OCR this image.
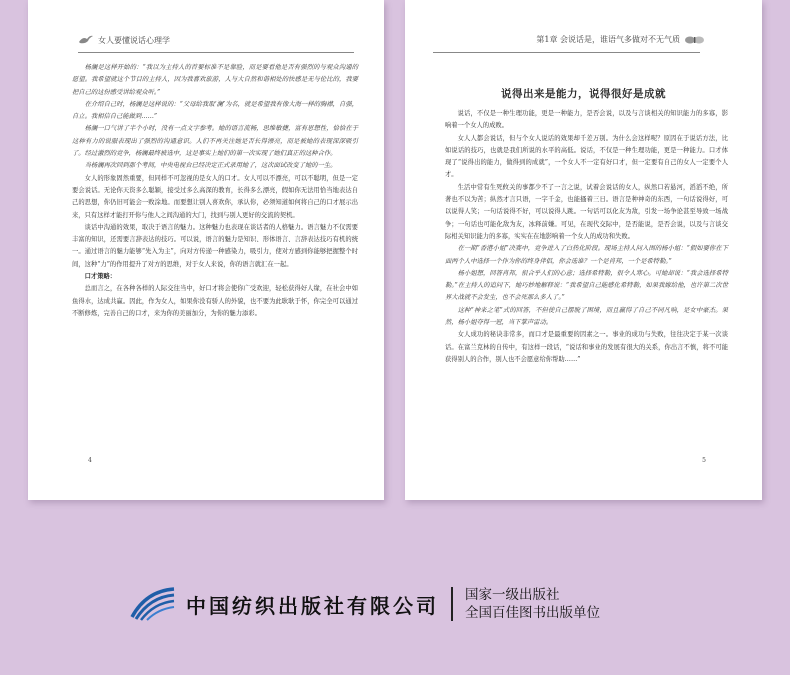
女人要懂说话心理学

杨澜是这样开始的：“我以为主持人的首要标准不是靠脸，而是要看他是否有强烈的与观众沟通的愿望。我希望就这个节目的主持人，因为我喜欢旅游，人与大自然和谐相处的快感是无与伦比的，我要把自己的这份感受讲给观众听。”

在介绍自己时，杨澜是这样说的：“父母给我取‘澜’为名，就是希望我有像大海一样的胸襟，自强，自立。我相信自己能做到……”

杨澜一口气讲了半个小时，没有一点文字参考。她的语言流畅，思维敏捷，富有思想性，恰恰在于这种有力的说服表现出了强烈的沟通意识。人们不再关注她是否长得漂亮，而是被她的表现深深吸引了。经过激烈的竞争，杨澜最终被选中，这是事实上她们的第一次实现了她们真正的这种合作。

当杨澜再次回到那个考间，中央电视台已经决定正式录用她了，这次面试改变了她的一生。

女人的形象固然重要，但同样不可忽视的是女人的口才。女人可以不漂亮，可以不聪明，但是一定要会说话。无论你天资多么聪颖，接受过多么高深的教育，长得多么漂亮，假如你无法用恰当地表达自己的思想，你仍旧可能会一败涂地。而要想让别人喜欢你，承认你，必须知道如何将自己的口才展示出来，只有这样才能打开你与他人之间沟通的大门，找到与别人更好的交流的契机。

谈话中沟通的效果，取决于语言的魅力。这种魅力也表现在谈话者的人格魅力。语言魅力不仅需要丰富的知识，还需要言辞表达的技巧。可以说，语言的魅力是知识、形体语言、言辞表达技巧有机的统一。通过语言的魅力能够“先入为主”，向对方传递一种感染力，吸引力，使对方感到你能够把握整个时间，这种“力”的作用提升了对方的思维，对于女人来说，你的语言就汇在一起。

口才策略：

总而言之，在各种各样的人际交往当中，好口才将会使你广受欢迎，轻松获得好人缘，在社会中如鱼得水，达成共赢。因此，作为女人，如果你没有骄人的外貌，也不要为此耿耿于怀，你完全可以通过不断修炼，完善自己的口才，来为你的美丽加分，为你的魅力添彩。

4
第1章 会说话是，谁语气多做对不无气质
说得出来是能力，说得很好是成就

说话，不仅是一种生理功能，更是一种能力，是否会说，以及与言谈相关的知识能力的多寡，影响着一个女人的成败。

女人人都会说话，但与个女人说话的效果却千差万别。为什么会这样呢？原因在于说话方法，比如说话的技巧，也就是我们所说的水平的高低。说话，不仅是一种生理功能，更是一种能力。口才体现了“说得出的能力，做得到的成就”，一个女人不一定有好口才，但一定要有自己的女人一定要个人才。

生活中常有生死攸关的事都少不了一言之说，试着会说话的女人，纵然口若悬河，滔滔不绝，所著也不以为苦；纵然才言只语，一字千金，也能搔着三日。语言是种神奇的东西，一句话说得好，可以说得人笑；一句话说得不好，可以说得人跳。一句话可以化友为敌，引发一场争论甚至导致一场战争；一句话也可能化敌为友，冰释前嫌。可见，在现代交际中，是否能说，是否会说，以及与言谈交际相关知识能力的多寡，实实在在地影响着一个女人的成功和失败。

在一期“香港小姐”决赛中，竞争进入了白热化阶段。现场主持人问入围的杨小姐：“假如要你在下面两个人中选择一个作为你的终身伴侣，你会选谁？一个是肖邦，一个是希特勒。”

杨小姐想，回答肖邦，很合乎人们的心意；选择希特勒，很令人寒心。可她却说：“我会选择希特勒。”在主持人的追问下，她巧妙地解释说：“我希望自己能感化希特勒，如果我嫁给他，也许第二次世界大战就不会发生，也不会死那么多人了。”

这种“神来之笔”式的回答，不但使自己摆脱了困境，而且赢得了自己不同凡响，是女中豪杰。果然，杨小姐夺得一冠，当下掌声雷动。

女人成功的秘诀非常多，而口才是最重要的因素之一。事业的成功与失败，往往决定于某一次谈话。在富兰克林的自传中，有这样一段话，“说话和事业的发展有很大的关系，你出言不慎，将不可能获得别人的合作，别人也不会愿意给你帮助……”

5
中国纺织出版社有限公司 国家一级出版社
全国百佳图书出版单位
